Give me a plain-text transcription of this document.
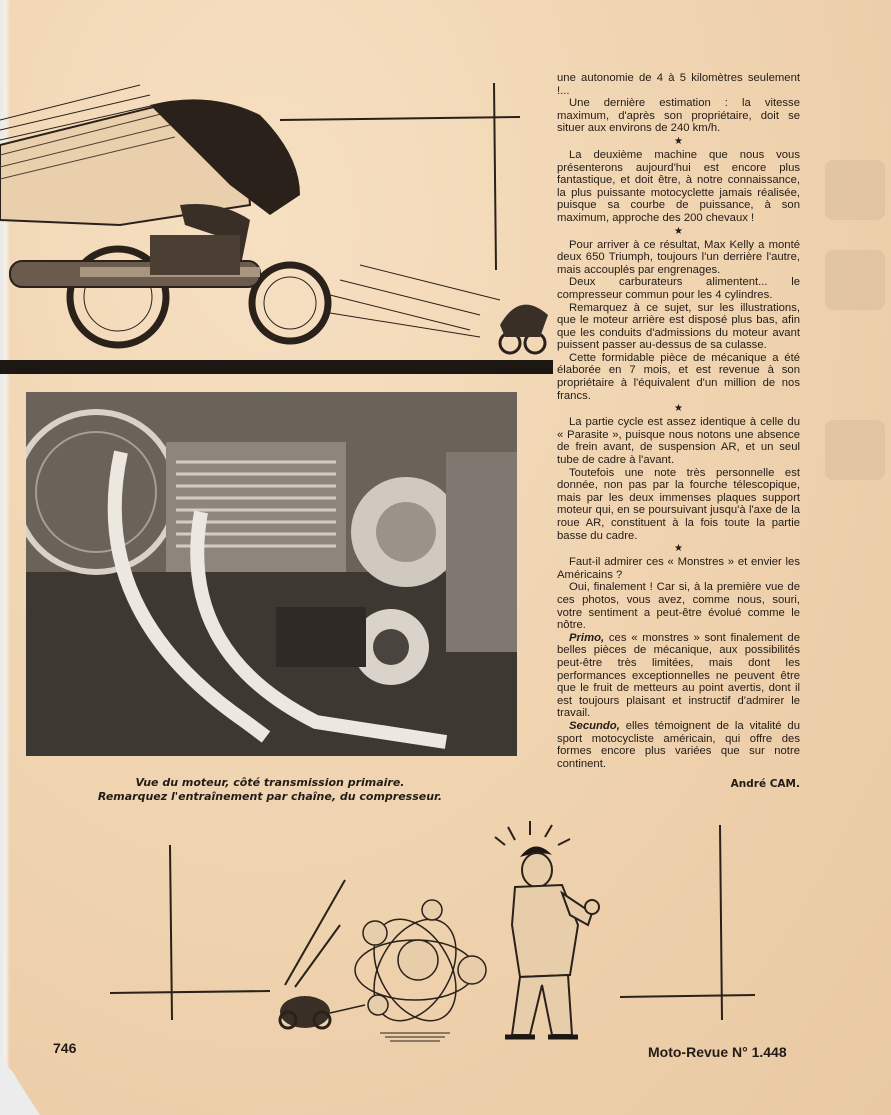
Vue du moteur, côté transmission primaire.
Remarquez l'entraînement par chaîne, du compresseur.

une autonomie de 4 à 5 kilomètres seulement !...

Une dernière estimation : la vitesse maximum, d'après son propriétaire, doit se situer aux environs de 240 km/h.

★

La deuxième machine que nous vous présenterons aujourd'hui est encore plus fantastique, et doit être, à notre connaissance, la plus puissante motocyclette jamais réalisée, puisque sa courbe de puissance, à son maximum, approche des 200 chevaux !

★

Pour arriver à ce résultat, Max Kelly a monté deux 650 Triumph, toujours l'un derrière l'autre, mais accouplés par engrenages.

Deux carburateurs alimentent... le compresseur commun pour les 4 cylindres.

Remarquez à ce sujet, sur les illustrations, que le moteur arrière est disposé plus bas, afin que les conduits d'admissions du moteur avant puissent passer au-dessus de sa culasse.

Cette formidable pièce de mécanique a été élaborée en 7 mois, et est revenue à son propriétaire à l'équivalent d'un million de nos francs.

★

La partie cycle est assez identique à celle du « Parasite », puisque nous notons une absence de frein avant, de suspension AR, et un seul tube de cadre à l'avant.

Toutefois une note très personnelle est donnée, non pas par la fourche télescopique, mais par les deux immenses plaques support moteur qui, en se poursuivant jusqu'à l'axe de la roue AR, constituent à la fois toute la partie basse du cadre.

★

Faut-il admirer ces « Monstres » et envier les Américains ?

Oui, finalement ! Car si, à la première vue de ces photos, vous avez, comme nous, souri, votre sentiment a peut-être évolué comme le nôtre.

Primo, ces « monstres » sont finalement de belles pièces de mécanique, aux possibilités peut-être très limitées, mais dont les performances exceptionnelles ne peuvent être que le fruit de metteurs au point avertis, dont il est toujours plaisant et instructif d'admirer le travail.

Secundo, elles témoignent de la vitalité du sport motocycliste américain, qui offre des formes encore plus variées que sur notre continent.

André CAM.
746	Moto-Revue N° 1.448
